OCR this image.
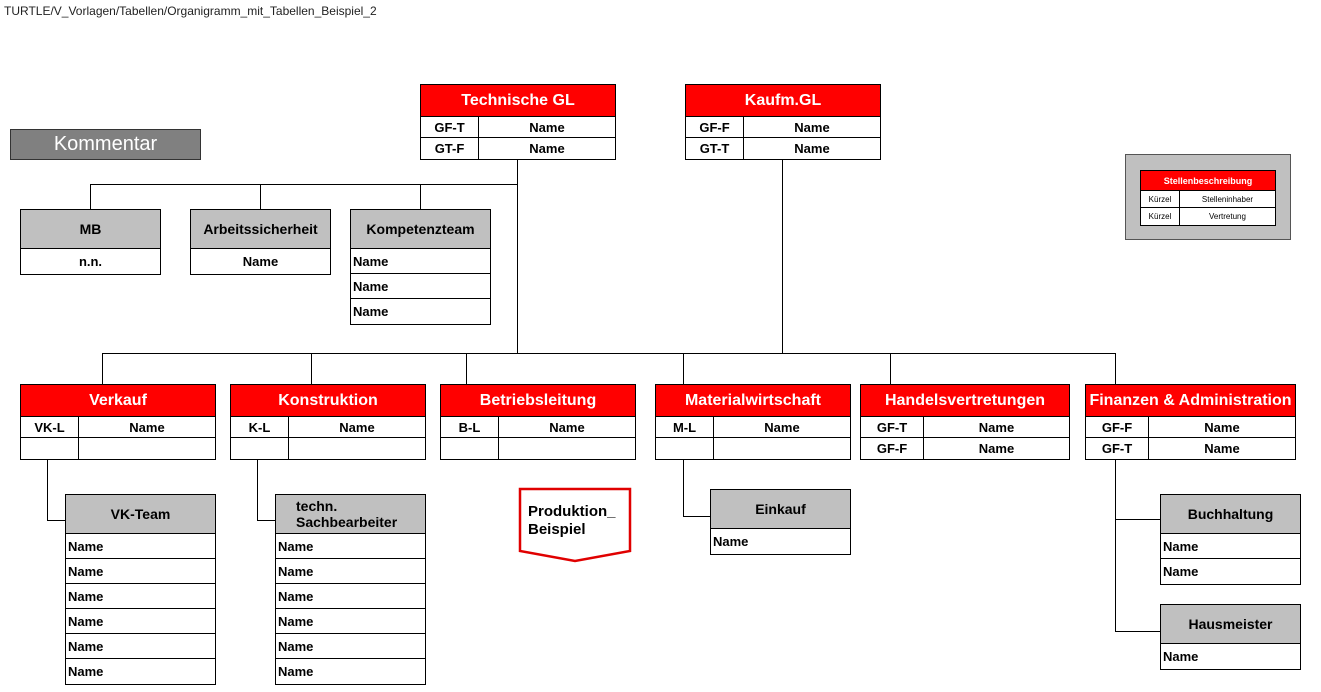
TURTLE/V_Vorlagen/Tabellen/Organigramm_mit_Tabellen_Beispiel_2
Kommentar
Technische GL
GF-T	Name
GT-F	Name
Kaufm.GL
GF-F	Name
GT-T	Name
MB
n.n.
Arbeitssicherheit
Name
Kompetenzteam
Name
Name
Name
Verkauf
VK-L	Name
Konstruktion
K-L	Name
Betriebsleitung
B-L	Name
Materialwirtschaft
M-L	Name
Handelsvertretungen
GF-T	Name
GF-F	Name
Finanzen & Administration
GF-F	Name
GF-T	Name
VK-Team
Name
Name
Name
Name
Name
Name
techn.
Sachbearbeiter
Name
Name
Name
Name
Name
Name
Produktion_
Beispiel
Einkauf
Name
Buchhaltung
Name
Name
Hausmeister
Name
Stellenbeschreibung
Kürzel	Stelleninhaber
Kürzel	Vertretung
